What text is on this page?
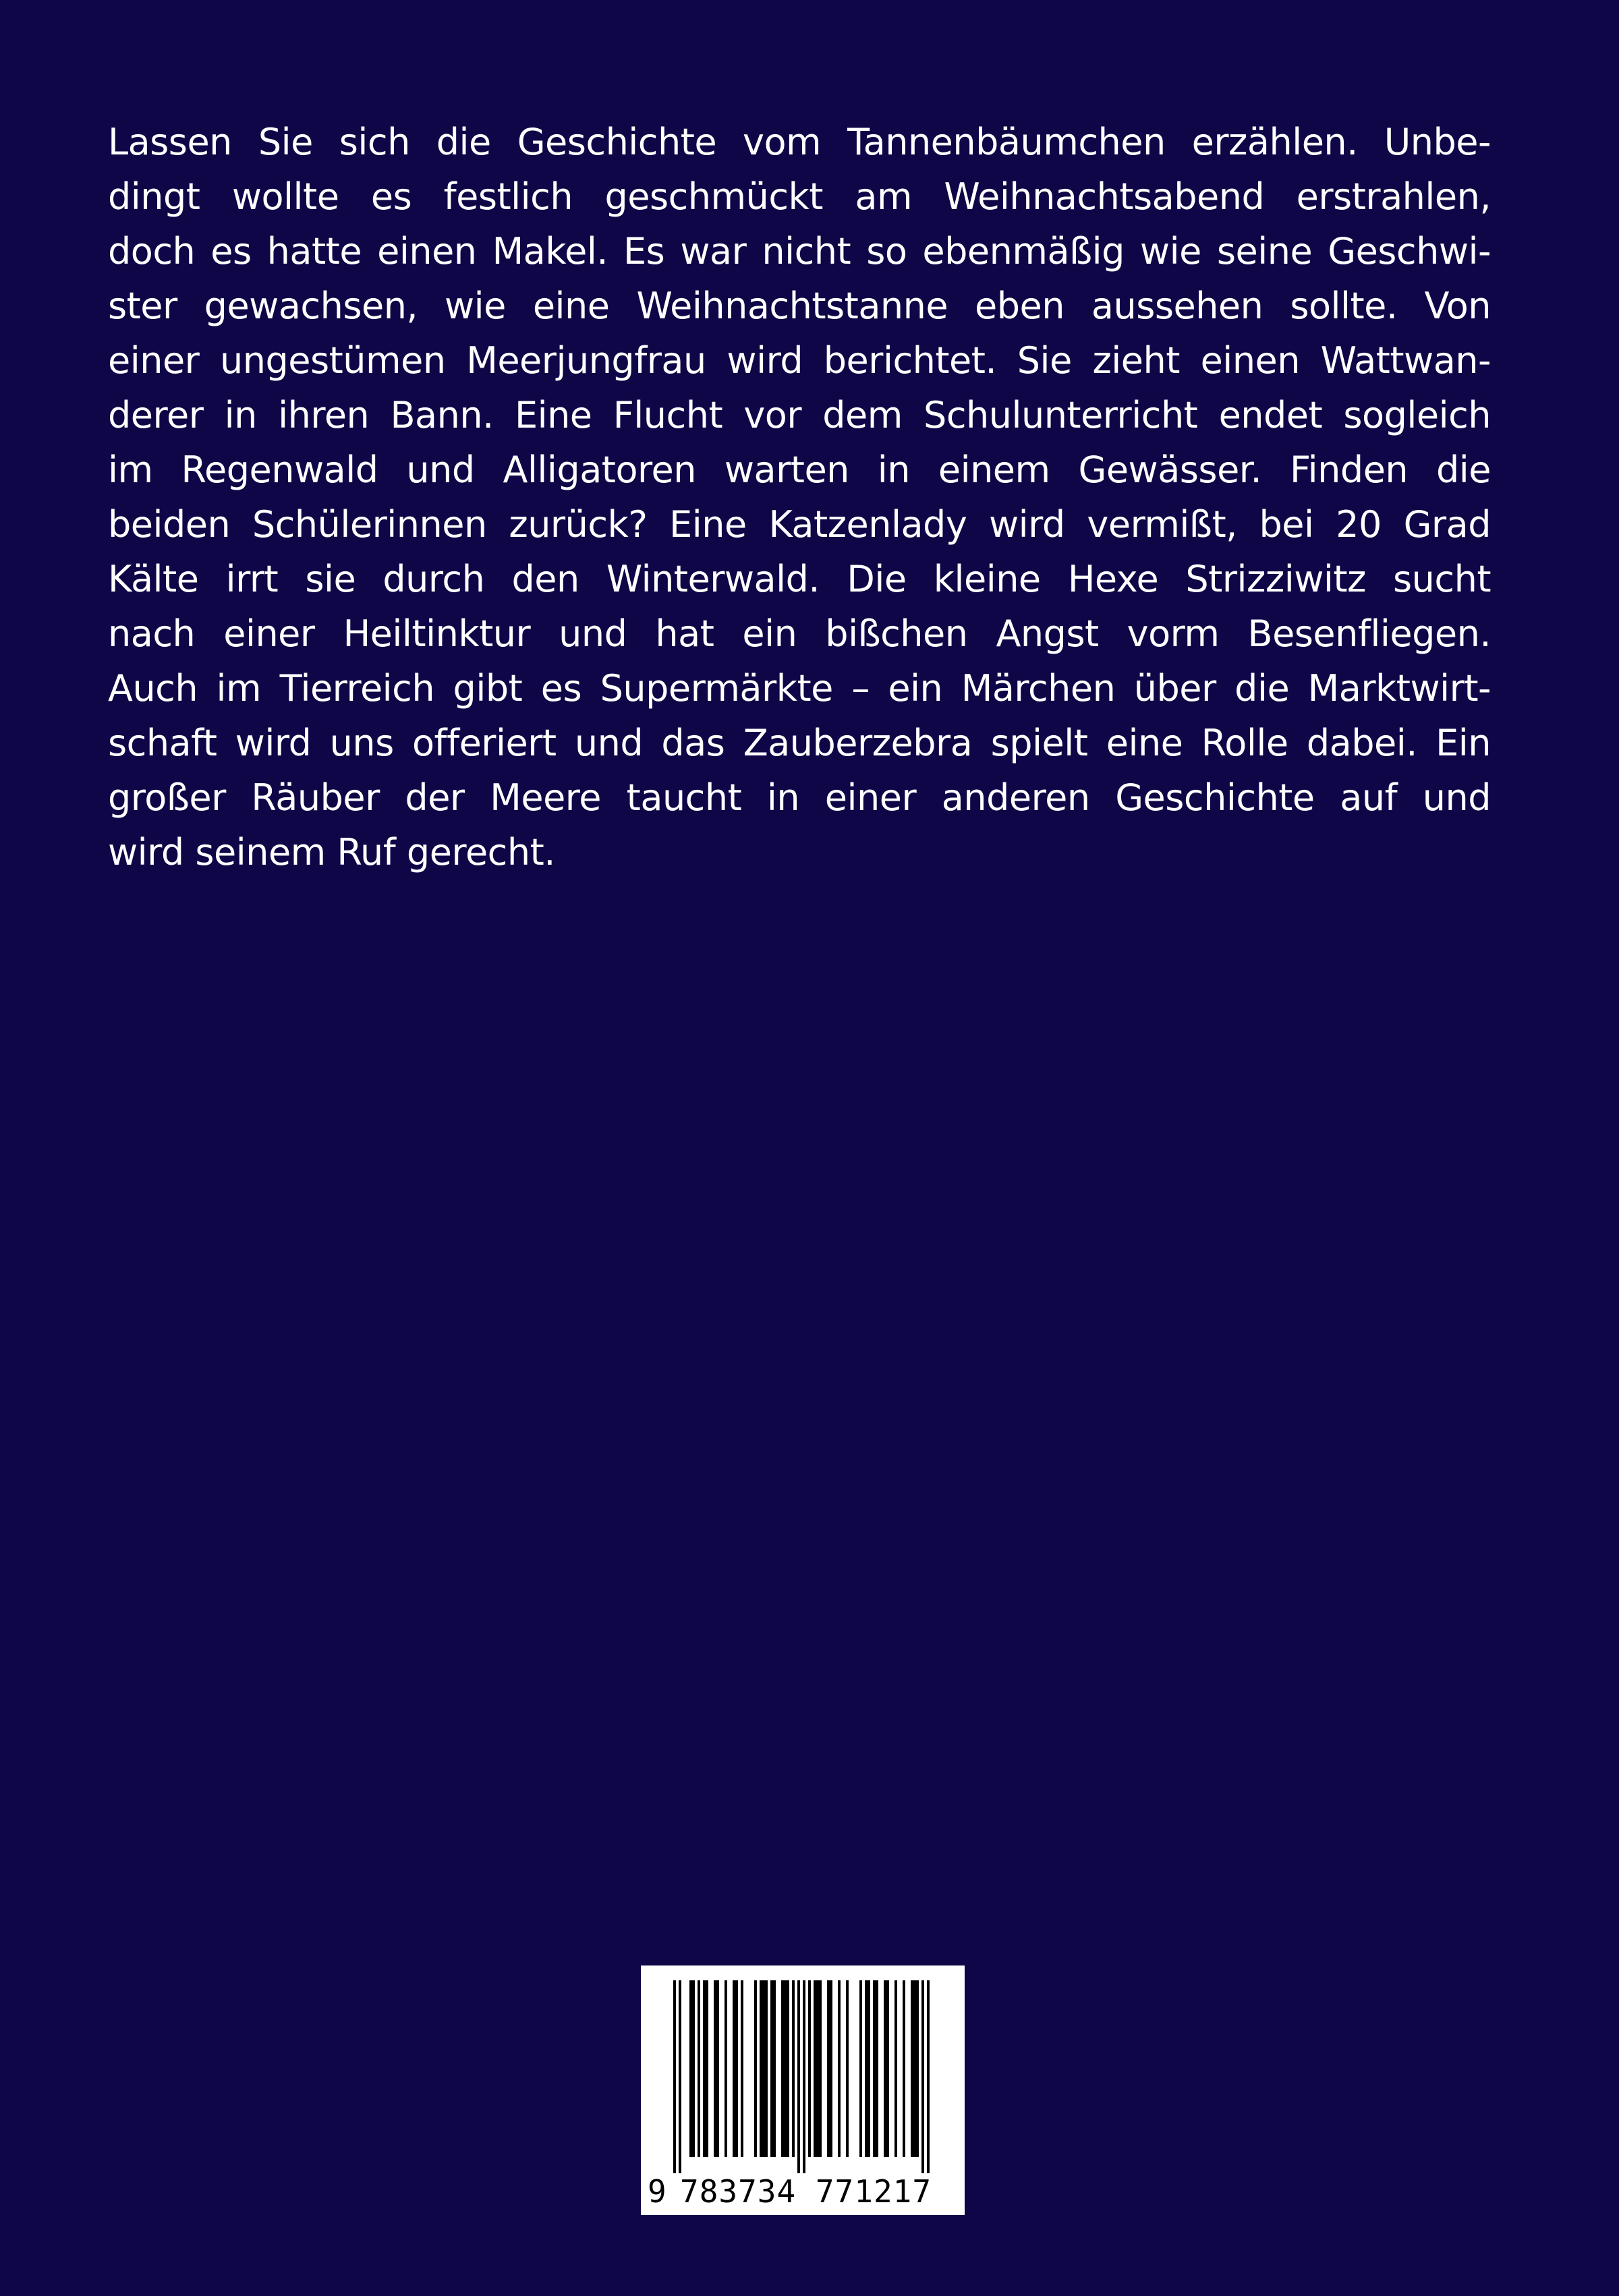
Lassen Sie sich die Geschichte vom Tannenbäumchen erzählen. Unbe-
dingt wollte es festlich geschmückt am Weihnachtsabend erstrahlen,
doch es hatte einen Makel. Es war nicht so ebenmäßig wie seine Geschwi-
ster gewachsen, wie eine Weihnachtstanne eben aussehen sollte. Von
einer ungestümen Meerjungfrau wird berichtet. Sie zieht einen Wattwan-
derer in ihren Bann. Eine Flucht vor dem Schulunterricht endet sogleich
im Regenwald und Alligatoren warten in einem Gewässer. Finden die
beiden Schülerinnen zurück? Eine Katzenlady wird vermißt, bei 20 Grad
Kälte irrt sie durch den Winterwald. Die kleine Hexe Strizziwitz sucht
nach einer Heiltinktur und hat ein bißchen Angst vorm Besenfliegen.
Auch im Tierreich gibt es Supermärkte – ein Märchen über die Marktwirt-
schaft wird uns offeriert und das Zauberzebra spielt eine Rolle dabei. Ein
großer Räuber der Meere taucht in einer anderen Geschichte auf und
wird seinem Ruf gerecht.
9 783734 771217
